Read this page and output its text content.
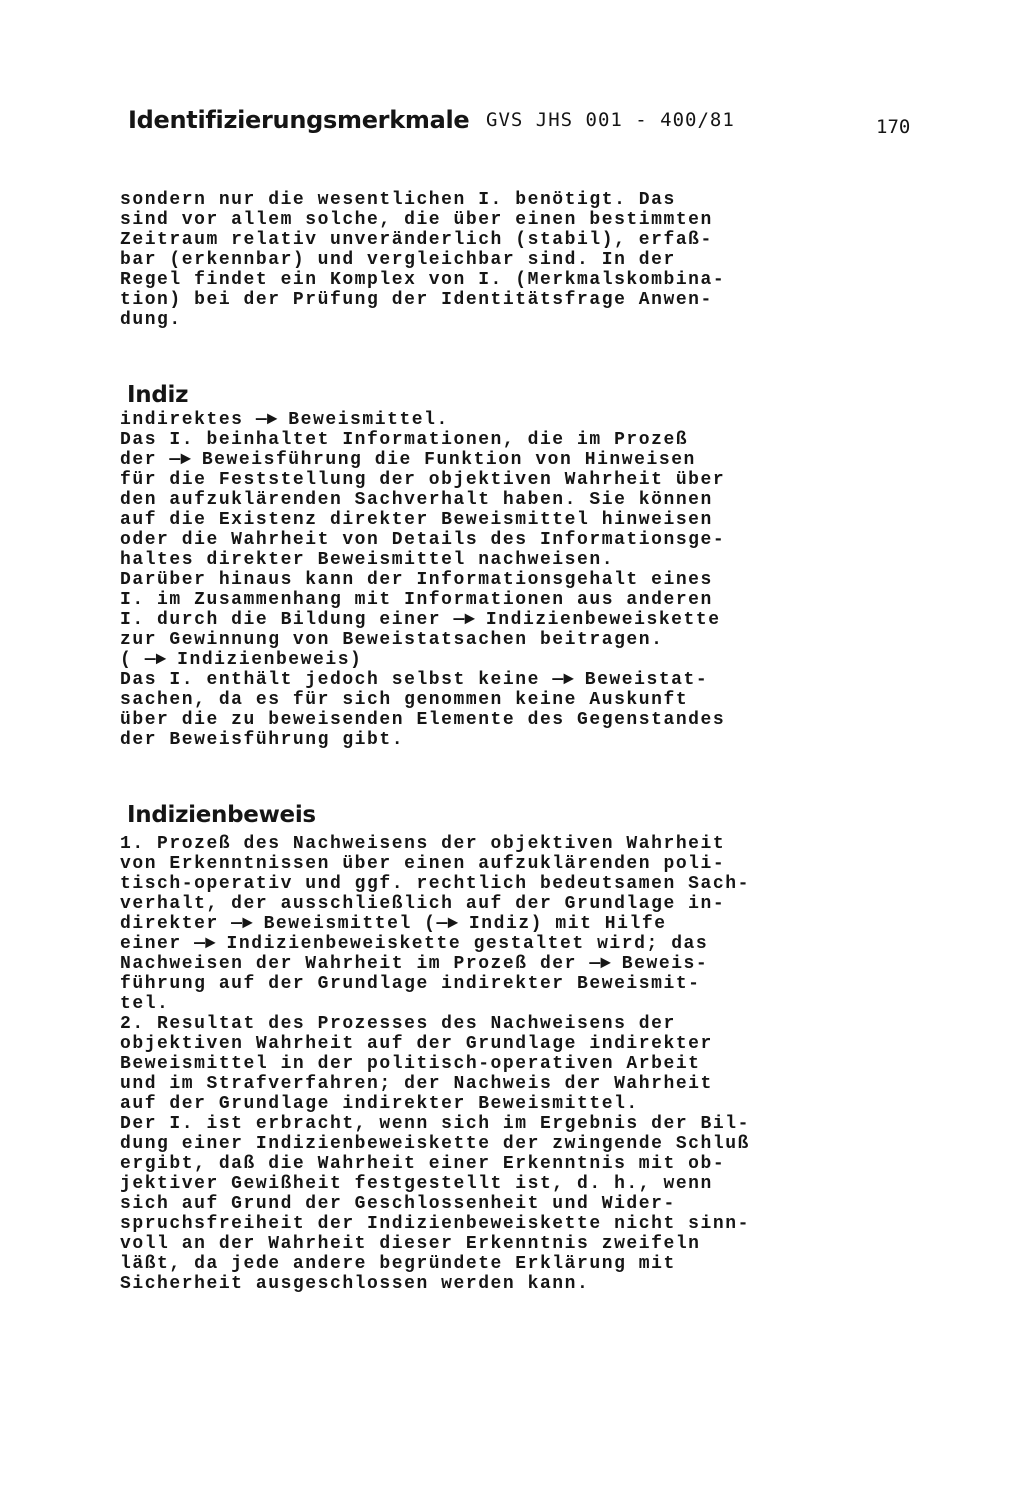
Identifizierungsmerkmale GVS JHS 001 - 400/81	170
sondern nur die wesentlichen I. benötigt. Das
sind vor allem solche, die über einen bestimmten
Zeitraum relativ unveränderlich (stabil), erfaß-
bar (erkennbar) und vergleichbar sind. In der
Regel findet ein Komplex von I. (Merkmalskombina-
tion) bei der Prüfung der Identitätsfrage Anwen-
dung.
Indiz
indirektes —► Beweismittel.
Das I. beinhaltet Informationen, die im Prozeß
der —► Beweisführung die Funktion von Hinweisen
für die Feststellung der objektiven Wahrheit über
den aufzuklärenden Sachverhalt haben. Sie können
auf die Existenz direkter Beweismittel hinweisen
oder die Wahrheit von Details des Informationsge-
haltes direkter Beweismittel nachweisen.
Darüber hinaus kann der Informationsgehalt eines
I. im Zusammenhang mit Informationen aus anderen
I. durch die Bildung einer —► Indizienbeweiskette
zur Gewinnung von Beweistatsachen beitragen.
( —► Indizienbeweis)
Das I. enthält jedoch selbst keine —► Beweistat-
sachen, da es für sich genommen keine Auskunft
über die zu beweisenden Elemente des Gegenstandes
der Beweisführung gibt.
Indizienbeweis
1. Prozeß des Nachweisens der objektiven Wahrheit
von Erkenntnissen über einen aufzuklärenden poli-
tisch-operativ und ggf. rechtlich bedeutsamen Sach-
verhalt, der ausschließlich auf der Grundlage in-
direkter —► Beweismittel (—► Indiz) mit Hilfe
einer —► Indizienbeweiskette gestaltet wird; das
Nachweisen der Wahrheit im Prozeß der —► Beweis-
führung auf der Grundlage indirekter Beweismit-
tel.
2. Resultat des Prozesses des Nachweisens der
objektiven Wahrheit auf der Grundlage indirekter
Beweismittel in der politisch-operativen Arbeit
und im Strafverfahren; der Nachweis der Wahrheit
auf der Grundlage indirekter Beweismittel.
Der I. ist erbracht, wenn sich im Ergebnis der Bil-
dung einer Indizienbeweiskette der zwingende Schluß
ergibt, daß die Wahrheit einer Erkenntnis mit ob-
jektiver Gewißheit festgestellt ist, d. h., wenn
sich auf Grund der Geschlossenheit und Wider-
spruchsfreiheit der Indizienbeweiskette nicht sinn-
voll an der Wahrheit dieser Erkenntnis zweifeln
läßt, da jede andere begründete Erklärung mit
Sicherheit ausgeschlossen werden kann.
